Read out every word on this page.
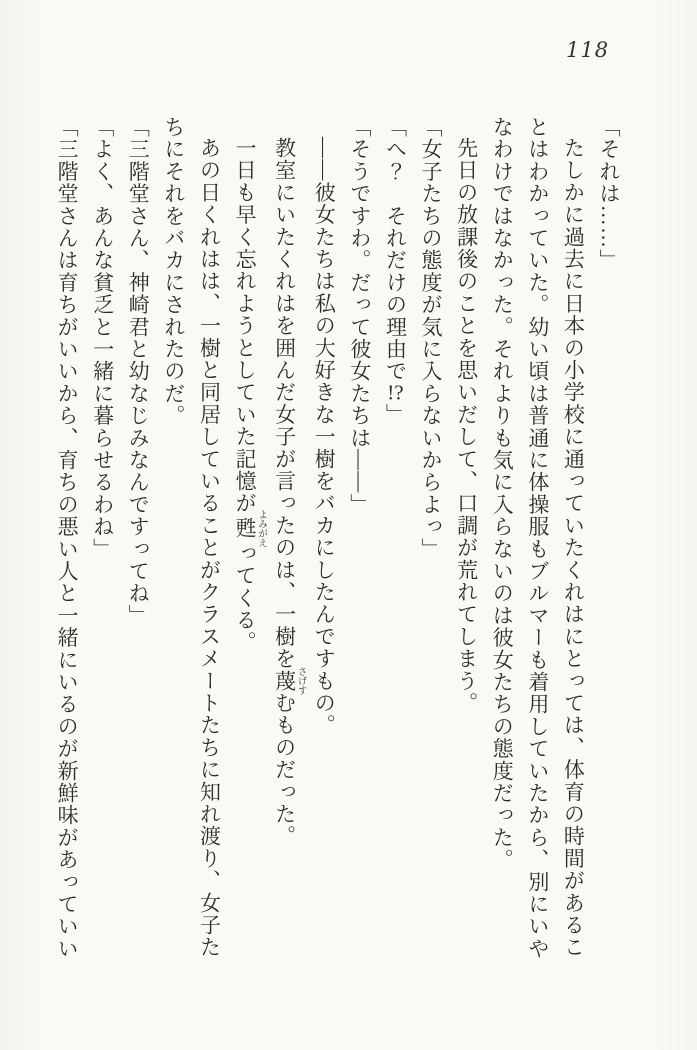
118
「それは……」
たしかに過去に日本の小学校に通っていたくれはにとっては、体育の時間があるこ
とはわかっていた。幼い頃は普通に体操服もブルマーも着用していたから、別にいや
なわけではなかった。それよりも気に入らないのは彼女たちの態度だった。
先日の放課後のことを思いだして、口調が荒れてしまう。
「女子たちの態度が気に入らないからよっ」
「へ？　それだけの理由で!?」
「そうですわ。だって彼女たちは――」
――彼女たちは私の大好きな一樹をバカにしたんですもの。
教室にいたくれはを囲んだ女子が言ったのは、一樹を蔑 さげすむものだった。
一日も早く忘れようとしていた記憶が甦 よみがえってくる。
あの日くれはは、一樹と同居していることがクラスメートたちに知れ渡り、女子た
ちにそれをバカにされたのだ。
「三階堂さん、神崎君と幼なじみなんですってね」
「よく、あんな貧乏と一緒に暮らせるわね」
「三階堂さんは育ちがいいから、育ちの悪い人と一緒にいるのが新鮮味があっていい
